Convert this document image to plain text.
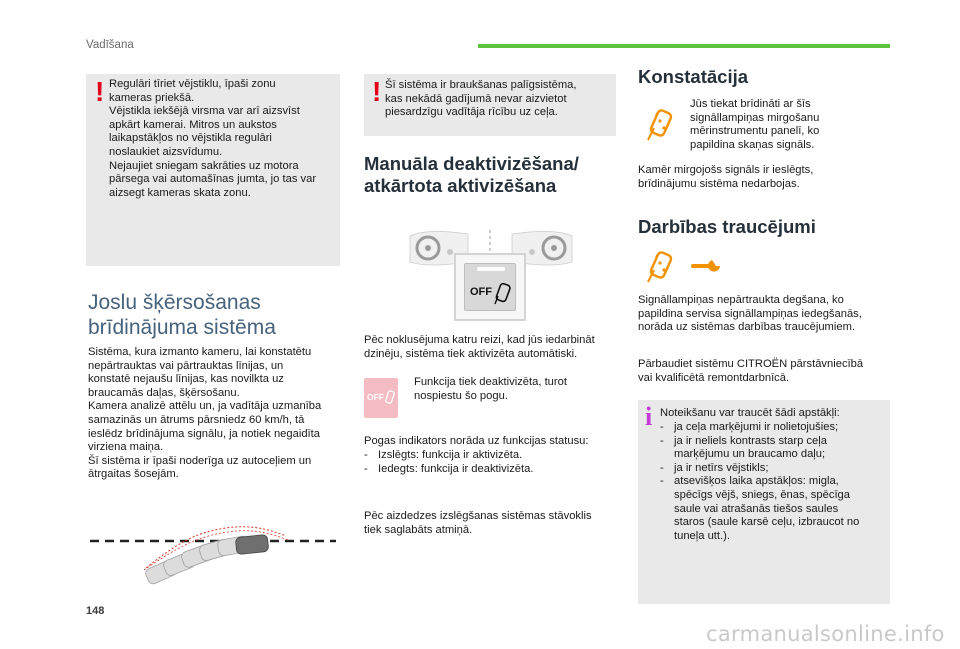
Vadīšana
! Regulāri tīriet vējstiklu, īpaši zonu
kameras priekšā.
Vējstikla iekšējā virsma var arī aizsvīst
apkārt kamerai. Mitros un aukstos
laikapstākļos no vējstikla regulāri
noslaukiet aizsvīdumu.
Nejaujiet sniegam sakrāties uz motora
pārsega vai automašīnas jumta, jo tas var
aizsegt kameras skata zonu.
Joslu šķērsošanas
brīdinājuma sistēma
Sistēma, kura izmanto kameru, lai konstatētu
nepārtrauktas vai pārtrauktas līnijas, un
konstatē nejaušu līnijas, kas novilkta uz
braucamās daļas, šķērsošanu.
Kamera analizē attēlu un, ja vadītāja uzmanība
samazinās un ātrums pārsniedz 60 km/h, tā
ieslēdz brīdinājuma signālu, ja notiek negaidīta
virziena maiņa.
Šī sistēma ir īpaši noderīga uz autoceļiem un
ātrgaitas šosejām.
! Šī sistēma ir braukšanas palīgsistēma,
kas nekādā gadījumā nevar aizvietot
piesardzīgu vadītāja rīcību uz ceļa.
Manuāla deaktivizēšana/
atkārtota aktivizēšana
OFF
Pēc noklusējuma katru reizi, kad jūs iedarbināt
dzinēju, sistēma tiek aktivizēta automātiski.
OFF
Funkcija tiek deaktivizēta, turot
nospiestu šo pogu.
Pogas indikators norāda uz funkcijas statusu:
- Izslēgts: funkcija ir aktivizēta.
- Iedegts: funkcija ir deaktivizēta.
Pēc aizdedzes izslēgšanas sistēmas stāvoklis
tiek saglabāts atmiņā.
Konstatācija
Jūs tiekat brīdināti ar šīs
signāllampiņas mirgošanu
mērinstrumentu panelī, ko
papildina skaņas signāls.
Kamēr mirgojošs signāls ir ieslēgts,
brīdinājumu sistēma nedarbojas.
Darbības traucējumi
Signāllampiņas nepārtraukta degšana, ko
papildina servisa signāllampiņas iedegšanās,
norāda uz sistēmas darbības traucējumiem.
Pārbaudiet sistēmu CITROËN pārstāvniecībā
vai kvalificētā remontdarbnīcā.
i Noteikšanu var traucēt šādi apstākļi:
- ja ceļa marķējumi ir nolietojušies;
- ja ir neliels kontrasts starp ceļa
marķējumu un braucamo daļu;
- ja ir netīrs vējstikls;
- atsevišķos laika apstākļos: migla,
spēcīgs vējš, sniegs, ēnas, spēcīga
saule vai atrašanās tiešos saules
staros (saule karsē ceļu, izbraucot no
tuneļa utt.).
148
carmanualsonline.info
